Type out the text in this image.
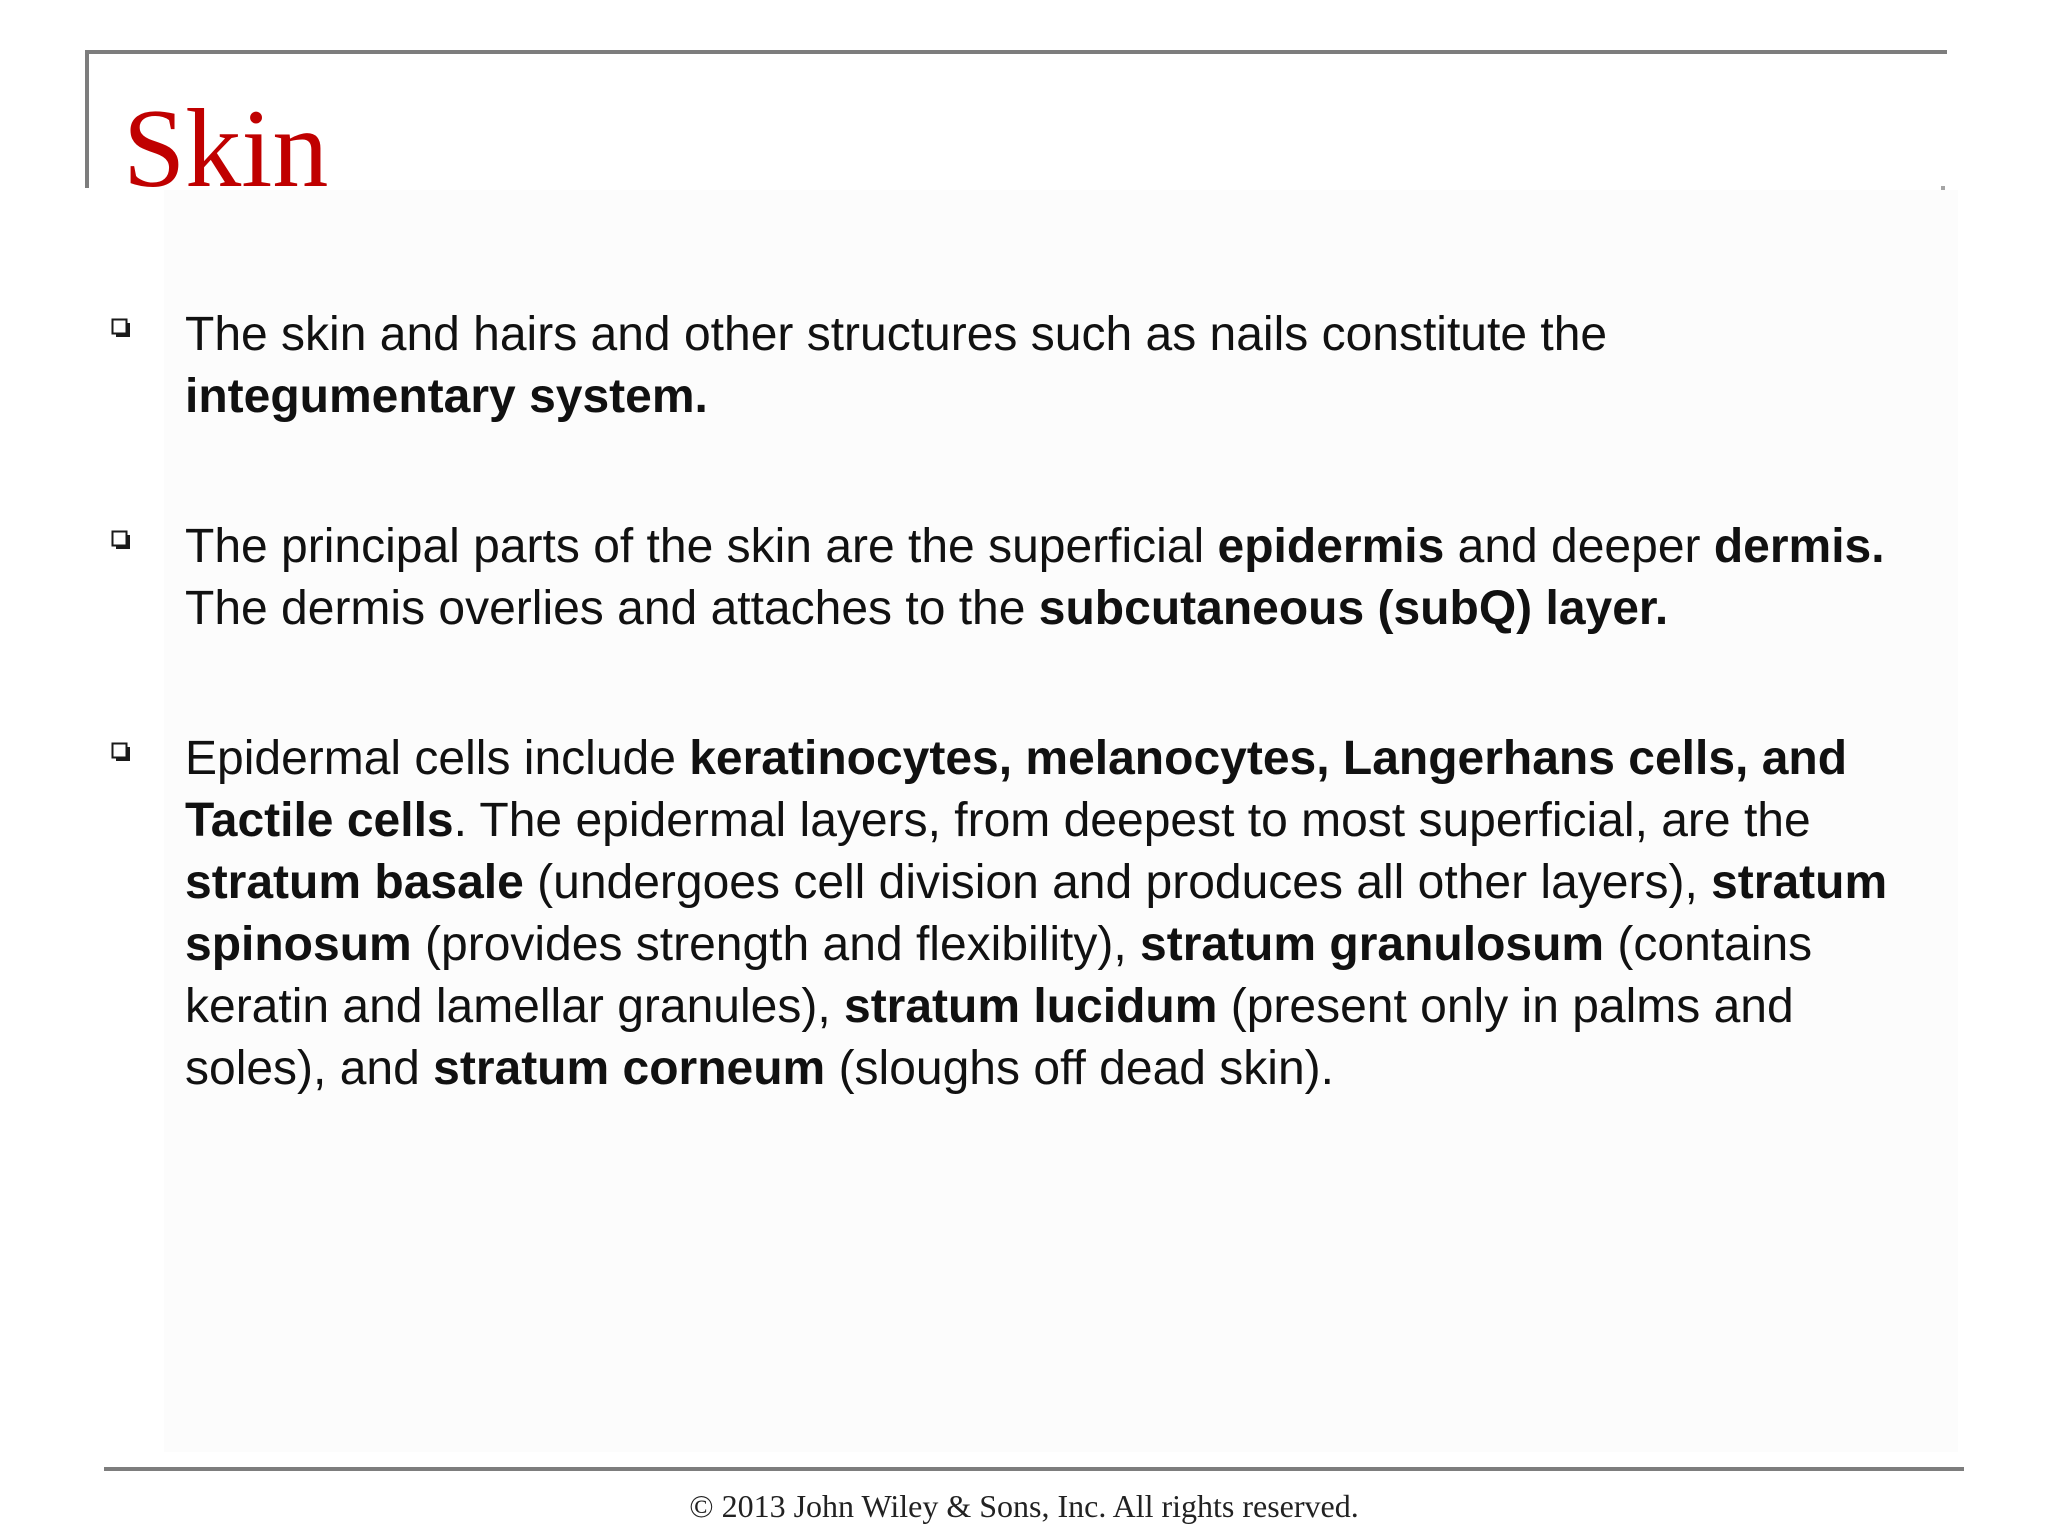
Skin
The skin and hairs and other structures such as nails constitute the integumentary system.
The principal parts of the skin are the superficial epidermis and deeper dermis. The dermis overlies and attaches to the subcutaneous (subQ) layer.
Epidermal cells include keratinocytes, melanocytes, Langerhans cells, and Tactile cells. The epidermal layers, from deepest to most superficial, are the stratum basale (undergoes cell division and produces all other layers), stratum spinosum (provides strength and flexibility), stratum granulosum (contains keratin and lamellar granules), stratum lucidum (present only in palms and soles), and stratum corneum (sloughs off dead skin).

© 2013 John Wiley & Sons, Inc. All rights reserved.
